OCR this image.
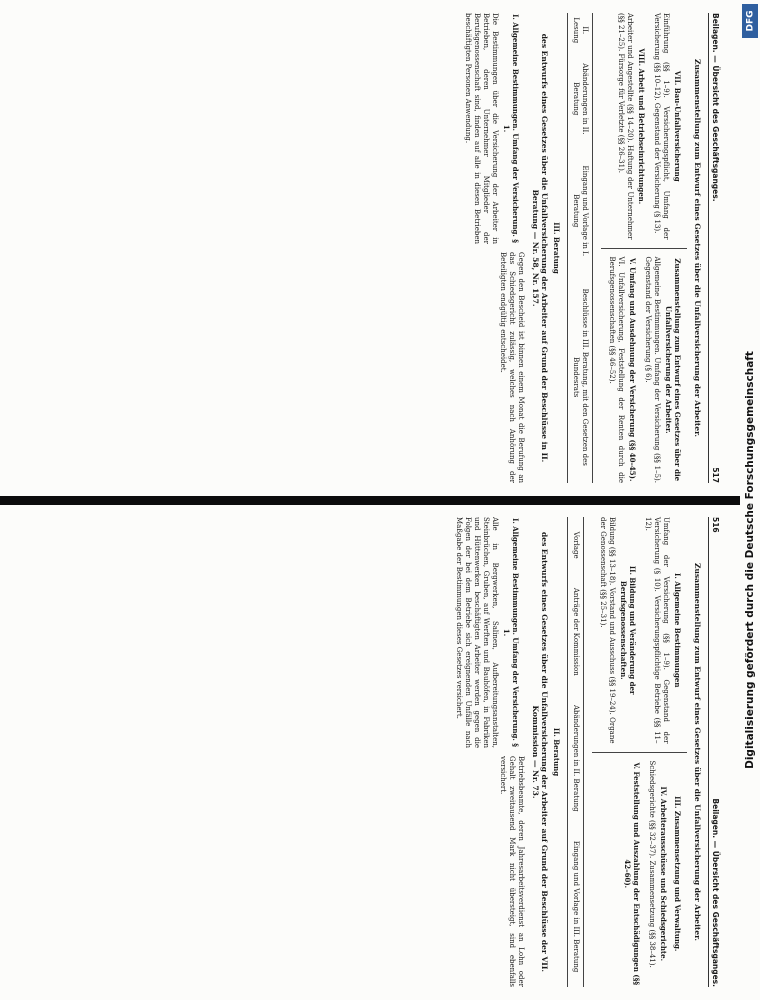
Beilagen. — Übersicht des Geschäftsganges.
517
Zusammenstellung zum Entwurf eines Gesetzes über die Unfallversicherung der Arbeiter.
VII. Bau-Unfallversicherung

Einführung (§§ 1–9). Versicherungspflicht, Umfang der Versicherung (§§ 10–12). Gegenstand der Versicherung (§ 13).

VIII. Arbeit und Betriebseinrichtungen.

Arbeiter und Angestellte (§§ 14–20). Haftung der Unternehmer (§§ 21–25). Fürsorge für Verletzte (§§ 26–31).

Zusammenstellung zum Entwurf eines Gesetzes über die Unfallversicherung der Arbeiter.

Allgemeine Bestimmungen. Umfang der Versicherung (§§ 1–5). Gegenstand der Versicherung (§ 6).

V. Umfang und Ausdehnung der Versicherung (§§ 40–45).

VI. Unfallversicherung, Feststellung der Renten durch die Berufsgenossenschaften (§§ 46–52).

II. Lesung
Abänderungen in II. Beratung
Eingang und Vorlage in I. Beratung
Beschlüsse in III. Beratung, mit den Gesetzen des Bundesrats
III. Beratung
des Entwurfs eines Gesetzes über die Unfallversicherung der Arbeiter auf Grund der Beschlüsse in II. Beratung — Nr. 58, Nr. 157.
I. Allgemeine Bestimmungen. Umfang der Versicherung. § 1.

Die Bestimmungen über die Versicherung der Arbeiter in Betrieben, deren Unternehmer Mitglieder der Berufsgenossenschaft sind, finden auf alle in diesen Betrieben beschäftigten Personen Anwendung.

Gegen den Bescheid ist binnen einem Monat die Berufung an das Schiedsgericht zulässig, welches nach Anhörung der Beteiligten endgültig entscheidet.

516
Beilagen. — Übersicht des Geschäftsganges.
Zusammenstellung zum Entwurf eines Gesetzes über die Unfallversicherung der Arbeiter.
I. Allgemeine Bestimmungen

Umfang der Versicherung (§§ 1–9). Gegenstand der Versicherung (§ 10). Versicherungspflichtige Betriebe (§§ 11–12).

II. Bildung und Veränderung der Berufsgenossenschaften.

Bildung (§§ 13–18). Vorstand und Ausschuss (§§ 19–24). Organe der Genossenschaft (§§ 25–31).

III. Zusammensetzung und Verwaltung.
IV. Arbeiterausschüsse und Schiedsgerichte.

Schiedsgerichte (§§ 32–37). Zusammensetzung (§§ 38–41).

V. Feststellung und Auszahlung der Entschädigungen (§§ 42–60).
Vorlage
Anträge der Kommission
Abänderungen in II. Beratung
Eingang und Vorlage in III. Beratung
II. Beratung
des Entwurfs eines Gesetzes über die Unfallversicherung der Arbeiter auf Grund der Beschlüsse der VII. Kommission — Nr. 73.
I. Allgemeine Bestimmungen. Umfang der Versicherung. § 1.

Alle in Bergwerken, Salinen, Aufbereitungsanstalten, Steinbrüchen, Gruben, auf Werften und Bauhöfen, in Fabriken und Hüttenwerken beschäftigten Arbeiter werden gegen die Folgen der bei dem Betriebe sich ereignenden Unfälle nach Maßgabe der Bestimmungen dieses Gesetzes versichert.

Betriebsbeamte, deren Jahresarbeitsverdienst an Lohn oder Gehalt zweitausend Mark nicht übersteigt, sind ebenfalls versichert.

DFG
Digitalisierung gefördert durch die Deutsche Forschungsgemeinschaft
